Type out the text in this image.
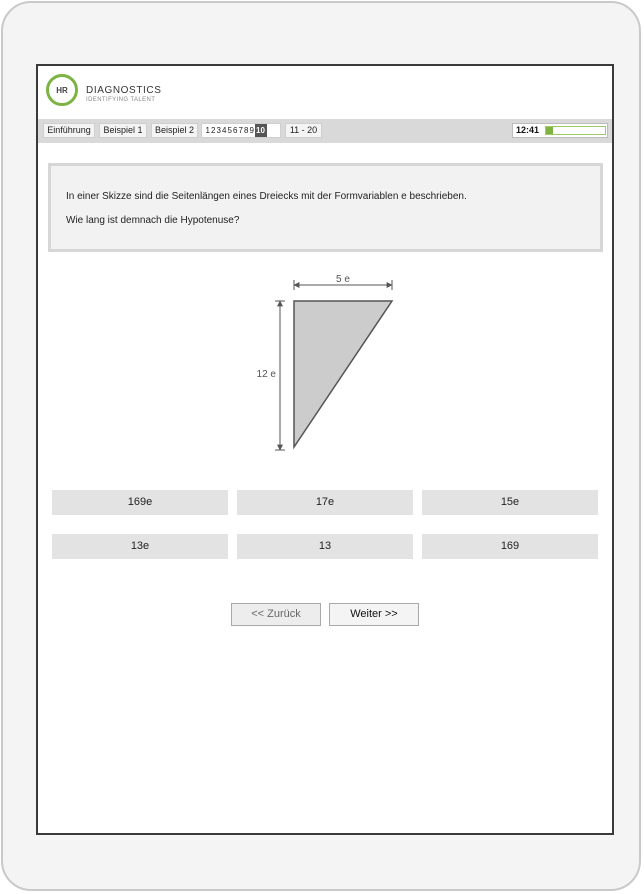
HR	DIAGNOSTICS
IDENTIFYING TALENT
Einführung	Beispiel 1	Beispiel 2	123456789 10	11 - 20	12:41
In einer Skizze sind die Seitenlängen eines Dreiecks mit der Formvariablen e beschrieben.
Wie lang ist demnach die Hypotenuse?
5 e
12 e
169e	17e	15e
13e	13	169
<< Zurück	Weiter >>
